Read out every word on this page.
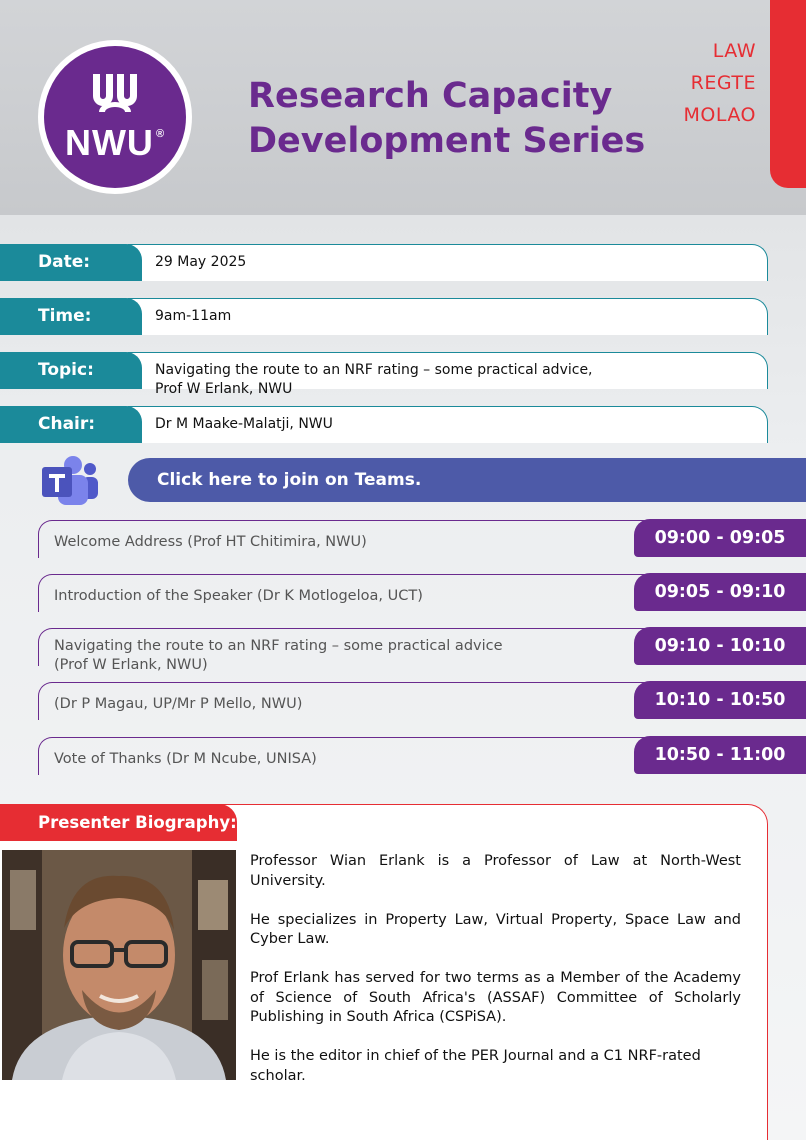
NWU ®
Research Capacity
Development Series
LAW
REGTE
MOLAO
29 May 2025
Date:
9am-11am
Time:
Navigating the route to an NRF rating – some practical advice,
Prof W Erlank, NWU
Topic:
Dr M Maake-Malatji, NWU
Chair:
Click here to join on Teams.
Welcome Address (Prof HT Chitimira, NWU)	09:00 - 09:05
Introduction of the Speaker (Dr K Motlogeloa, UCT)	09:05 - 09:10
Navigating the route to an NRF rating – some practical advice
(Prof W Erlank, NWU)
09:10 - 10:10
(Dr P Magau, UP/Mr P Mello, NWU)	10:10 - 10:50
Vote of Thanks (Dr M Ncube, UNISA)	10:50 - 11:00
Presenter Biography:

Professor Wian Erlank is a Professor of Law at North-West University.

He specializes in Property Law, Virtual Property, Space Law and Cyber Law.

Prof Erlank has served for two terms as a Member of the Academy of Science of South Africa's (ASSAF) Committee of Scholarly Publishing in South Africa (CSPiSA).

He is the editor in chief of the PER Journal and a C1 NRF-rated scholar.
